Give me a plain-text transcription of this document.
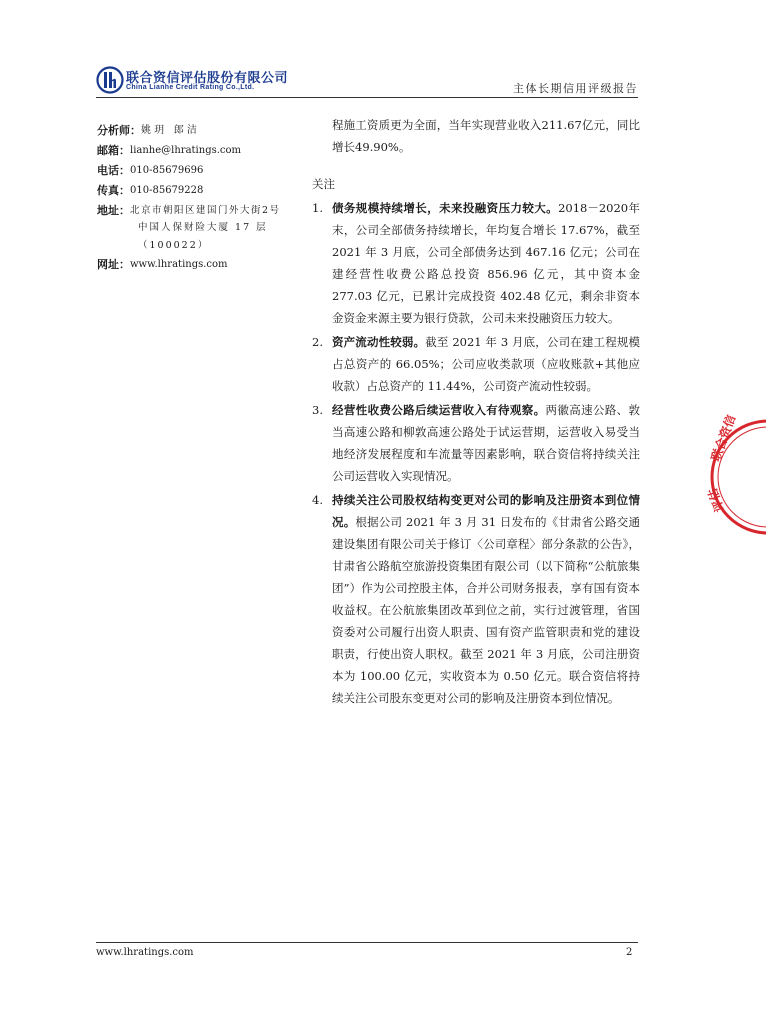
联合资信评估股份有限公司
China Lianhe Credit Rating Co.,Ltd.	主体长期信用评级报告
分析师： 姚 玥   郎 洁
邮箱： lianhe@lhratings.com
电话： 010-85679696
传真： 010-85679228
地址： 北京市朝阳区建国门外大街2号
中国人保财险大厦 17 层
（100022）
网址： www.lhratings.com
程施工资质更为全面，当年实现营业收入211.67亿元，同比增长49.90%。
关注
1. 债务规模持续增长，未来投融资压力较大。2018－2020年末，公司全部债务持续增长，年均复合增长 17.67%，截至 2021 年 3 月底，公司全部债务达到 467.16 亿元；公司在建经营性收费公路总投资 856.96 亿元，其中资本金 277.03 亿元，已累计完成投资 402.48 亿元，剩余非资本金资金来源主要为银行贷款，公司未来投融资压力较大。
2. 资产流动性较弱。截至 2021 年 3 月底，公司在建工程规模占总资产的 66.05%；公司应收类款项（应收账款+其他应收款）占总资产的 11.44%，公司资产流动性较弱。
3. 经营性收费公路后续运营收入有待观察。两徽高速公路、敦当高速公路和柳敦高速公路处于试运营期，运营收入易受当地经济发展程度和车流量等因素影响，联合资信将持续关注公司运营收入实现情况。
4. 持续关注公司股权结构变更对公司的影响及注册资本到位情况。根据公司 2021 年 3 月 31 日发布的《甘肃省公路交通建设集团有限公司关于修订〈公司章程〉部分条款的公告》，甘肃省公路航空旅游投资集团有限公司（以下简称“公航旅集团”）作为公司控股主体，合并公司财务报表，享有国有资本收益权。在公航旅集团改革到位之前，实行过渡管理，省国资委对公司履行出资人职责、国有资产监管职责和党的建设职责，行使出资人职权。截至 2021 年 3 月底，公司注册资本为 100.00 亿元，实收资本为 0.50 亿元。联合资信将持续关注公司股东变更对公司的影响及注册资本到位情况。
联合资信
评估
www.lhratings.com	2
